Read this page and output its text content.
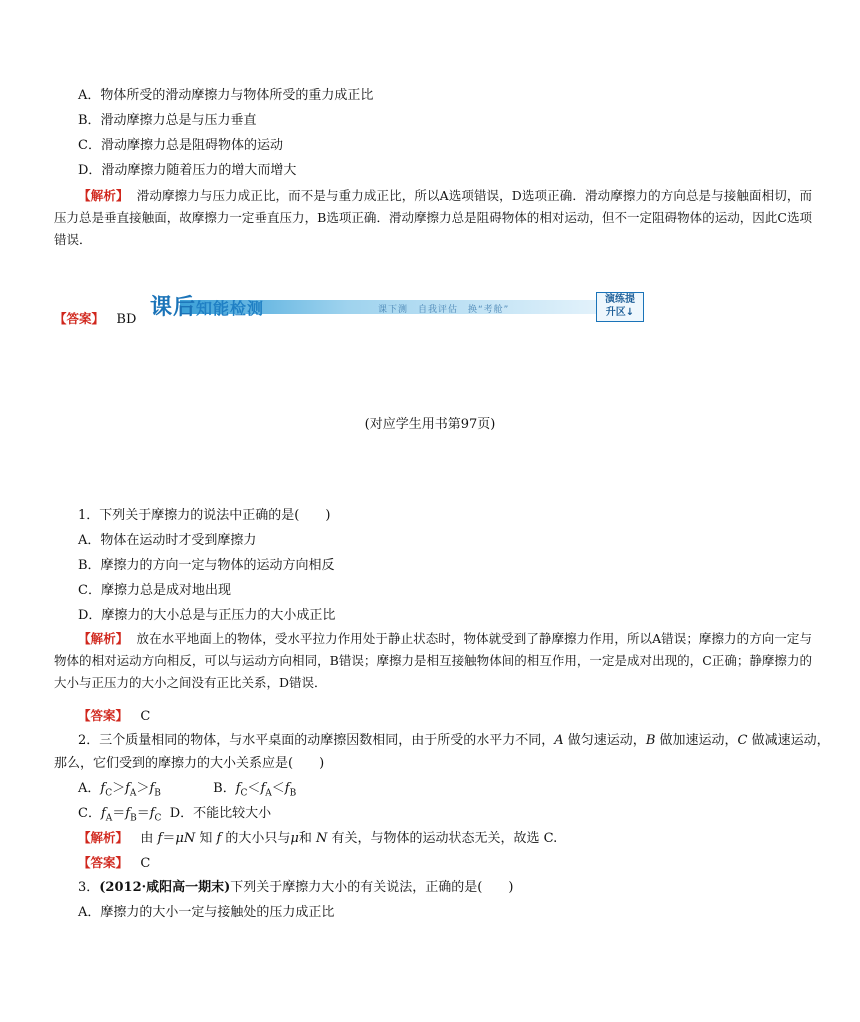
A．物体所受的滑动摩擦力与物体所受的重力成正比
B．滑动摩擦力总是与压力垂直
C．滑动摩擦力总是阻碍物体的运动
D．滑动摩擦力随着压力的增大而增大
【解析】 滑动摩擦力与压力成正比，而不是与重力成正比，所以A选项错误，D选项正确．滑动摩擦力的方向总是与接触面相切，而压力总是垂直接触面，故摩擦力一定垂直压力，B选项正确．滑动摩擦力总是阻碍物体的相对运动，但不一定阻碍物体的运动，因此C选项错误．
【答案】 BD 课后知能检测	课下测　自我评估　换“考舱”
演练提
升区↓
(对应学生用书第97页)
1．下列关于摩擦力的说法中正确的是(　　)
A．物体在运动时才受到摩擦力
B．摩擦力的方向一定与物体的运动方向相反
C．摩擦力总是成对地出现
D．摩擦力的大小总是与正压力的大小成正比
【解析】 放在水平地面上的物体，受水平拉力作用处于静止状态时，物体就受到了静摩擦力作用，所以A错误；摩擦力的方向一定与物体的相对运动方向相反，可以与运动方向相同，B错误；摩擦力是相互接触物体间的相互作用，一定是成对出现的，C正确；静摩擦力的大小与正压力的大小之间没有正比关系，D错误．
【答案】 C
2．三个质量相同的物体，与水平桌面的动摩擦因数相同，由于所受的水平力不同，A 做匀速运动，B 做加速运动，C 做减速运动，
那么，它们受到的摩擦力的大小关系应是(　　)
A．$f_C>f_A>f_B$	B．$f_C<f_A<f_B$
C．$f_A=f_B=f_C$ D．不能比较大小
【解析】   由 f＝μN 知 f 的大小只与μ和 N 有关，与物体的运动状态无关，故选 C.
【答案】 C
3．(2012·咸阳高一期末)下列关于摩擦力大小的有关说法，正确的是(　　)
A．摩擦力的大小一定与接触处的压力成正比
